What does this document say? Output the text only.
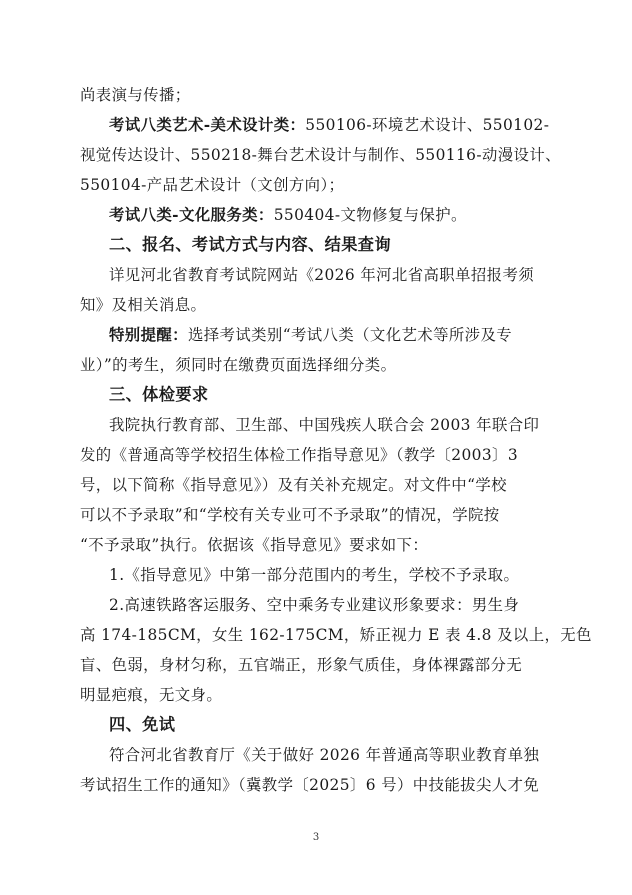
尚表演与传播；
考试八类艺术-美术设计类：550106-环境艺术设计、550102-
视觉传达设计、550218-舞台艺术设计与制作、550116-动漫设计、
550104-产品艺术设计（文创方向）；
考试八类-文化服务类：550404-文物修复与保护。
二、报名、考试方式与内容、结果查询
详见河北省教育考试院网站《2026 年河北省高职单招报考须
知》及相关消息。
特别提醒：选择考试类别“考试八类（文化艺术等所涉及专
业）”的考生，须同时在缴费页面选择细分类。
三、体检要求
我院执行教育部、卫生部、中国残疾人联合会 2003 年联合印
发的《普通高等学校招生体检工作指导意见》（教学〔2003〕3
号，以下简称《指导意见》）及有关补充规定。对文件中“学校
可以不予录取”和“学校有关专业可不予录取”的情况，学院按
“不予录取”执行。依据该《指导意见》要求如下：
1.《指导意见》中第一部分范围内的考生，学校不予录取。
2.高速铁路客运服务、空中乘务专业建议形象要求：男生身
高 174-185CM，女生 162-175CM，矫正视力 E 表 4.8 及以上，无色
盲、色弱，身材匀称，五官端正，形象气质佳，身体裸露部分无
明显疤痕，无文身。
四、免试
符合河北省教育厅《关于做好 2026 年普通高等职业教育单独
考试招生工作的通知》（冀教学〔2025〕6 号）中技能拔尖人才免
3
